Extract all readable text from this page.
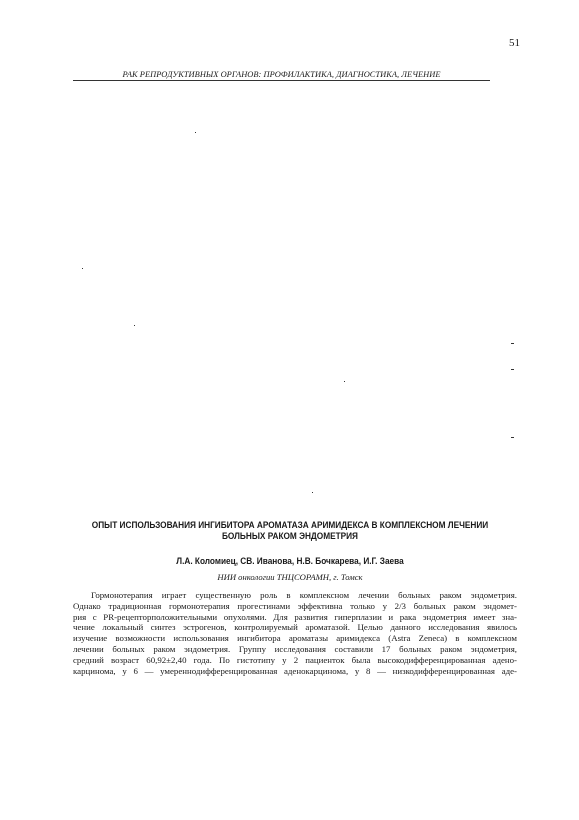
51
РАК РЕПРОДУКТИВНЫХ ОРГАНОВ: ПРОФИЛАКТИКА, ДИАГНОСТИКА, ЛЕЧЕНИЕ
ОПЫТ ИСПОЛЬЗОВАНИЯ ИНГИБИТОРА АРОМАТАЗА АРИМИДЕКСА В КОМПЛЕКСНОМ ЛЕЧЕНИИ
БОЛЬНЫХ РАКОМ ЭНДОМЕТРИЯ
Л.А. Коломиец, СВ. Иванова, Н.В. Бочкарева, И.Г. Заева
НИИ онкологии ТНЦСОРАМН, г. Томск
Гормонотерапия играет существенную роль в комплексном лечении больных раком эндометрия.
Однако традиционная гормонотерапия прогестинами эффективна только у 2/3 больных раком эндомет-
рия с PR-рецепторположительными опухолями. Для развития гиперплазии и рака эндометрия имеет зна-
чение локальный синтез эстрогенов, контролируемый ароматазой. Целью данного исследования явилось
изучение возможности использования ингибитора ароматазы аримидекса (Astra Zeneca) в комплексном
лечении больных раком эндометрия. Группу исследования составили 17 больных раком эндометрия,
средний возраст 60,92±2,40 года. По гистотипу у 2 пациенток была высокодифференцированная адено-
карцинома, у 6 — умереннодифференцированная аденокарцинома, у 8 — низкодифференцированная аде-
